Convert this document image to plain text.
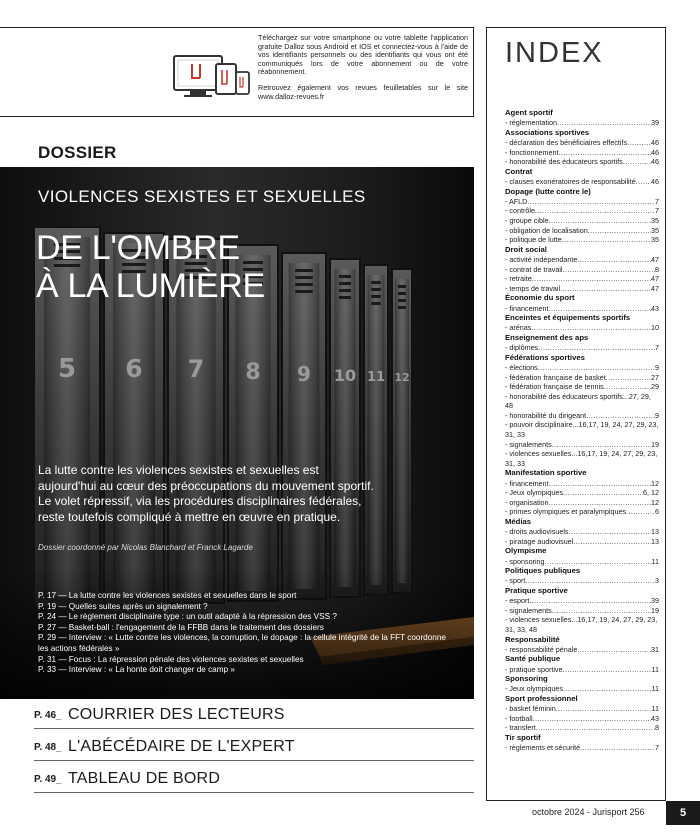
Téléchargez sur votre smartphone ou votre tablette l'application gratuite Dalloz sous Android et IOS et connectez-vous à l'aide de vos identifiants personnels ou des identifiants qui vous ont été communiqués lors de votre abonnement ou de votre réabonnement.

Retrouvez également vos revues feuilletables sur le site www.dalloz-revues.fr

DOSSIER
5 6 7 8 9 10 11 12
VIOLENCES SEXISTES ET SEXUELLES
DE L'OMBRE
À LA LUMIÈRE

La lutte contre les violences sexistes et sexuelles est aujourd'hui au cœur des préoccupations du mouvement sportif. Le volet répressif, via les procédures disciplinaires fédérales, reste toutefois compliqué à mettre en œuvre en pratique.

Dossier coordonné par Nicolas Blanchard et Franck Lagarde

P. 17 — La lutte contre les violences sexistes et sexuelles dans le sport
P. 19 — Quelles suites après un signalement ?
P. 24 — Le règlement disciplinaire type : un outil adapté à la répression des VSS ?
P. 27 — Basket-ball : l'engagement de la FFBB dans le traitement des dossiers
P. 29 — Interview : « Lutte contre les violences, la corruption, le dopage : la cellule intégrité de la FFT coordonne les actions fédérales »
P. 31 — Focus : La répression pénale des violences sexistes et sexuelles
P. 33 — Interview : « La honte doit changer de camp »
P. 46_ COURRIER DES LECTEURS
P. 48_ L'ABÉCÉDAIRE DE L'EXPERT
P. 49_ TABLEAU DE BORD
INDEX
Agent sportif
- réglementation .....	39
Associations sportives
- déclaration des bénéficiaires effectifs .....	46
- fonctionnement .....	46
- honorabilité des éducateurs sportifs .....	46
Contrat
- clauses exonératoires de responsabilité ..... 46
Dopage (lutte contre le)
- AFLD .....	7
- contrôle .....	7
- groupe cible .....	35
- obligation de localisation .....	35
- politique de lutte .....	35
Droit social
- activité indépendante .....	47
- contrat de travail .....	8
- retraite .....	47
- temps de travail .....	47
Économie du sport
- financement .....	43
Enceintes et équipements sportifs
- arénas .....	10
Enseignement des aps
- diplômes .....	7
Fédérations sportives
- élections .....	9
- fédération française de basket .....	27
- fédération française de tennis .....	29
- honorabilité des éducateurs sportifs...27, 29, 48
- honorabilité du dirigeant .....	9
- pouvoir disciplinaire...16,17, 19, 24, 27, 29, 23, 31, 33
- signalements .....	19
- violences sexuelles...16,17, 19, 24, 27, 29, 23, 31, 33
Manifestation sportive
- financement .....	12
- Jeux olympiques .....	6, 12
- organisation .....	12
- primes olympiques et paralympiques .....	6
Médias
- droits audiovisuels .....	13
- piratage audiovisuel .....	13
Olympisme
- sponsoring .....	11
Politiques publiques
- sport .....	3
Pratique sportive
- esport .....	39
- signalements .....	19
- violences sexuelles...16,17, 19, 24, 27, 29, 23, 31, 33, 48
Responsabilité
- responsabilité pénale .....	31
Santé publique
- pratique sportive .....	11
Sponsoring
- Jeux olympiques .....	11
Sport professionnel
- basket féminin .....	11
- football .....	43
- transfert .....	8
Tir sportif
- règlements et sécurité .....	7
octobre 2024 - Jurisport 256	5
